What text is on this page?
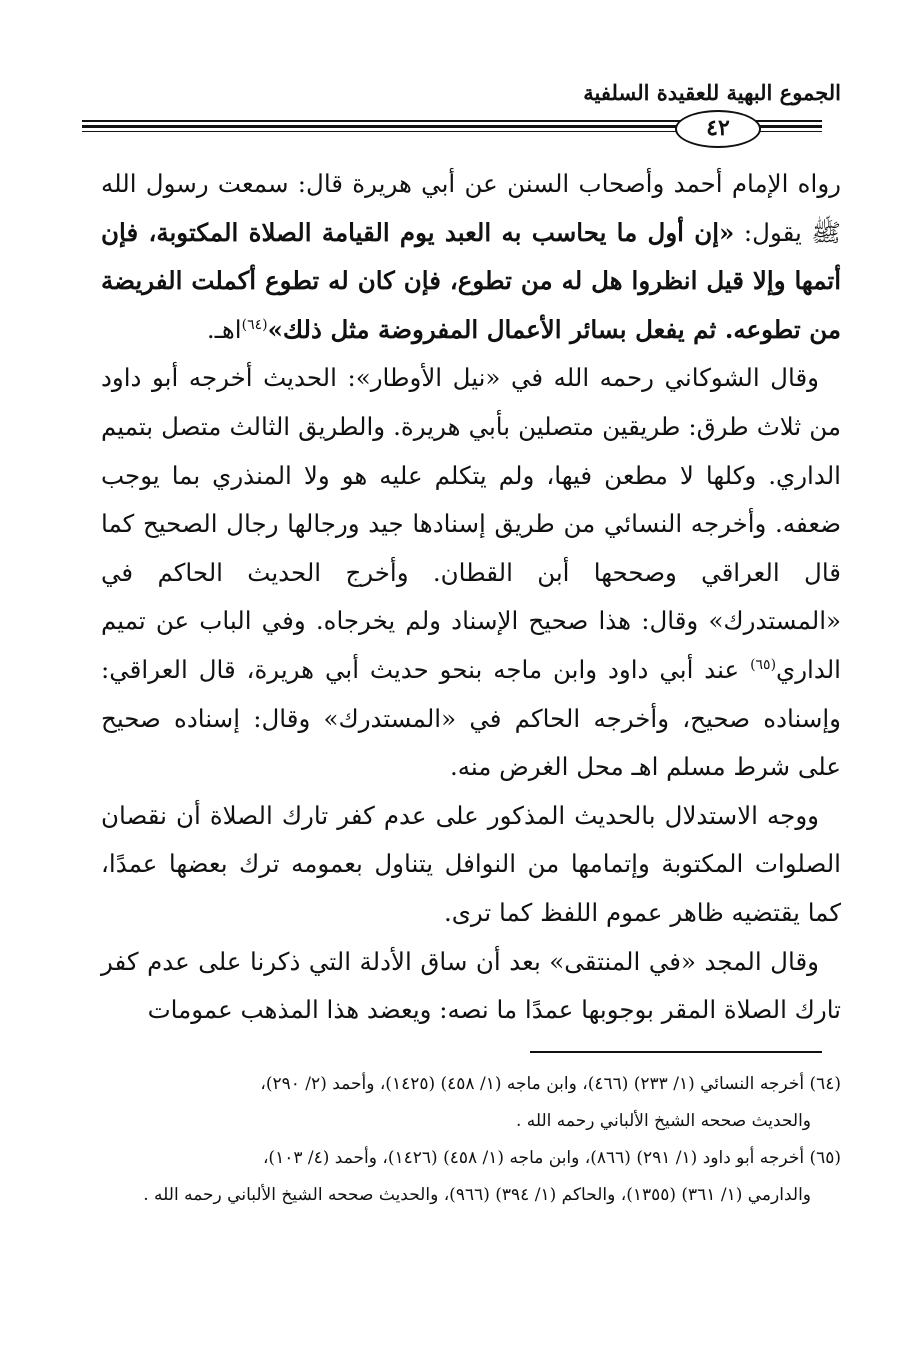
الجموع البهية للعقيدة السلفية
٤٢

رواه الإمام أحمد وأصحاب السنن عن أبي هريرة قال: سمعت رسول الله ﷺ يقول: «إن أول ما يحاسب به العبد يوم القيامة الصلاة المكتوبة، فإن أتمها وإلا قيل انظروا هل له من تطوع، فإن كان له تطوع أكملت الفريضة من تطوعه. ثم يفعل بسائر الأعمال المفروضة مثل ذلك»$^{(٦٤)}$اهـ.

وقال الشوكاني رحمه الله في «نيل الأوطار»: الحديث أخرجه أبو داود من ثلاث طرق: طريقين متصلين بأبي هريرة. والطريق الثالث متصل بتميم الداري. وكلها لا مطعن فيها، ولم يتكلم عليه هو ولا المنذري بما يوجب ضعفه. وأخرجه النسائي من طريق إسنادها جيد ورجالها رجال الصحيح كما قال العراقي وصححها أبن القطان. وأخرج الحديث الحاكم في «المستدرك» وقال: هذا صحيح الإسناد ولم يخرجاه. وفي الباب عن تميم الداري$^{(٦٥)}$ عند أبي داود وابن ماجه بنحو حديث أبي هريرة، قال العراقي: وإسناده صحيح، وأخرجه الحاكم في «المستدرك» وقال: إسناده صحيح على شرط مسلم اهـ محل الغرض منه.

ووجه الاستدلال بالحديث المذكور على عدم كفر تارك الصلاة أن نقصان الصلوات المكتوبة وإتمامها من النوافل يتناول بعمومه ترك بعضها عمدًا، كما يقتضيه ظاهر عموم اللفظ كما ترى.

وقال المجد «في المنتقى» بعد أن ساق الأدلة التي ذكرنا على عدم كفر تارك الصلاة المقر بوجوبها عمدًا ما نصه: ويعضد هذا المذهب عمومات

(٦٤) أخرجه النسائي (١/ ٢٣٣) (٤٦٦)، وابن ماجه (١/ ٤٥٨) (١٤٢٥)، وأحمد (٢/ ٢٩٠)،
والحديث صححه الشيخ الألباني رحمه الله .

(٦٥) أخرجه أبو داود (١/ ٢٩١) (٨٦٦)، وابن ماجه (١/ ٤٥٨) (١٤٢٦)، وأحمد (٤/ ١٠٣)،
والدارمي (١/ ٣٦١) (١٣٥٥)، والحاكم (١/ ٣٩٤) (٩٦٦)، والحديث صححه الشيخ الألباني رحمه الله .
